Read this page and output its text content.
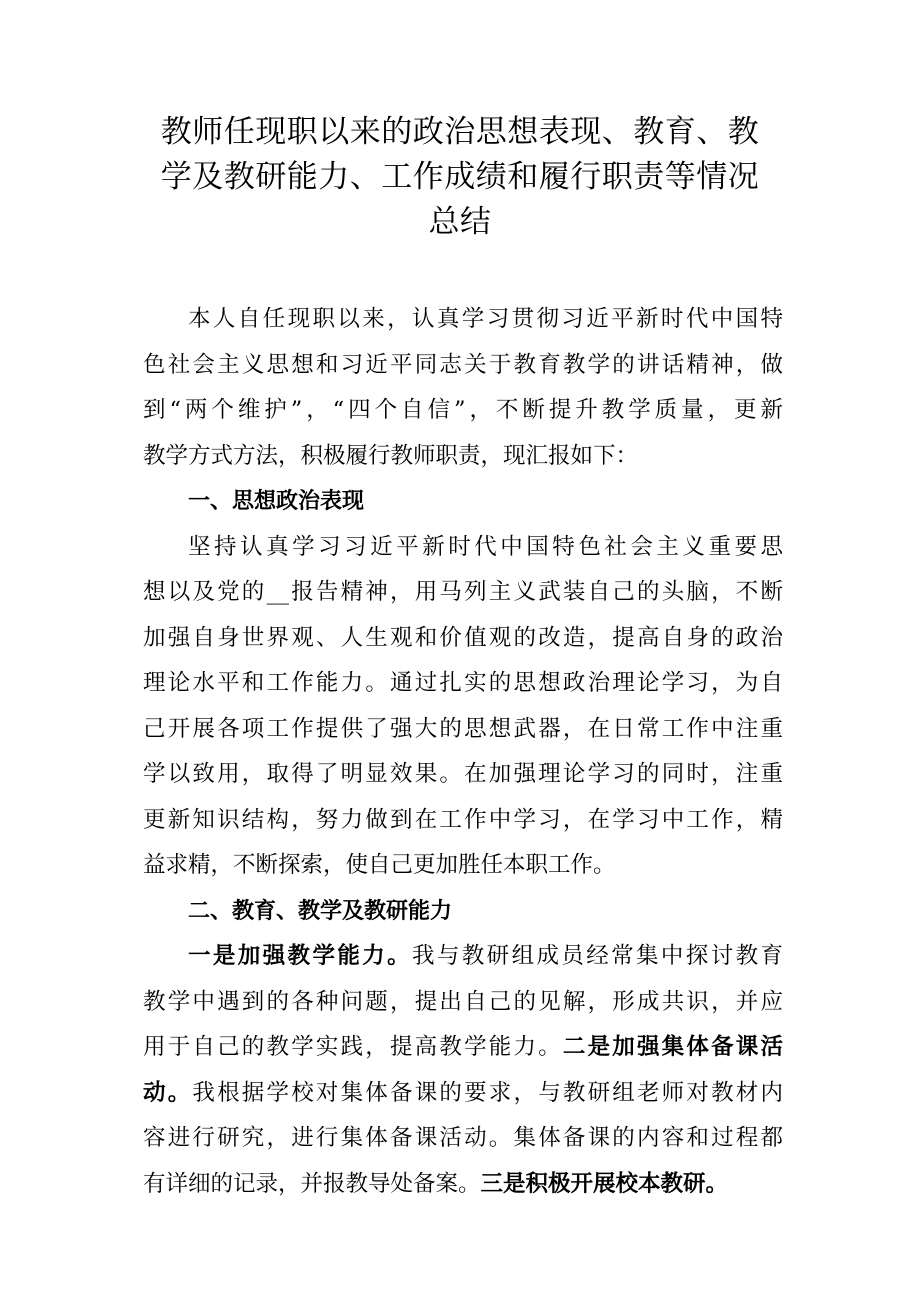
教师任现职以来的政治思想表现、教育、教
学及教研能力、工作成绩和履行职责等情况
总结
本人自任现职以来，认真学习贯彻习近平新时代中国特
色社会主义思想和习近平同志关于教育教学的讲话精神，做
到“两个维护”，“四个自信”，不断提升教学质量，更新
教学方式方法，积极履行教师职责，现汇报如下：
一、思想政治表现
坚持认真学习习近平新时代中国特色社会主义重要思
想以及党的__报告精神，用马列主义武装自己的头脑，不断
加强自身世界观、人生观和价值观的改造，提高自身的政治
理论水平和工作能力。通过扎实的思想政治理论学习，为自
己开展各项工作提供了强大的思想武器，在日常工作中注重
学以致用，取得了明显效果。在加强理论学习的同时，注重
更新知识结构，努力做到在工作中学习，在学习中工作，精
益求精，不断探索，使自己更加胜任本职工作。
二、教育、教学及教研能力
一是加强教学能力。我与教研组成员经常集中探讨教育
教学中遇到的各种问题，提出自己的见解，形成共识，并应
用于自己的教学实践，提高教学能力。二是加强集体备课活
动。我根据学校对集体备课的要求，与教研组老师对教材内
容进行研究，进行集体备课活动。集体备课的内容和过程都
有详细的记录，并报教导处备案。三是积极开展校本教研。
